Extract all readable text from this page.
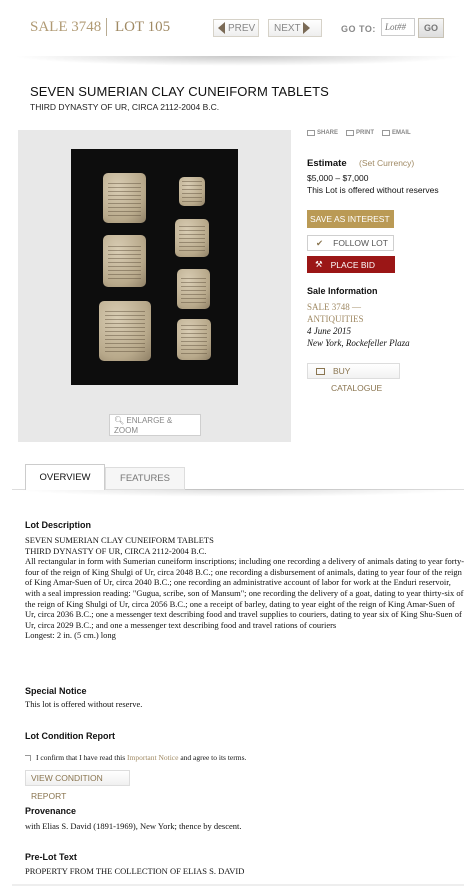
SALE 3748 LOT 105	PREV NEXT	GO TO:
Lot##	GO
SEVEN SUMERIAN CLAY CUNEIFORM TABLETS
THIRD DYNASTY OF UR, CIRCA 2112-2004 B.C.
🔍︎ ENLARGE & ZOOM
SHARE	PRINT	EMAIL
Estimate (Set Currency)
$5,000 – $7,000
This Lot is offered without reserves
SAVE AS INTEREST
✔ FOLLOW LOT
⚒ PLACE BID
Sale Information
SALE 3748 —
ANTIQUITIES
4 June 2015
New York, Rockefeller Plaza
BUY
CATALOGUE
OVERVIEW	FEATURES
Lot Description
SEVEN SUMERIAN CLAY CUNEIFORM TABLETS
THIRD DYNASTY OF UR, CIRCA 2112-2004 B.C.
All rectangular in form with Sumerian cuneiform inscriptions; including one recording a delivery of animals dating to year forty-four of the reign of King Shulgi of Ur, circa 2048 B.C.; one recording a disbursement of animals, dating to year four of the reign of King Amar-Suen of Ur, circa 2040 B.C.; one recording an administrative account of labor for work at the Enduri reservoir, with a seal impression reading: "Gugua, scribe, son of Mansum"; one recording the delivery of a goat, dating to year thirty-six of the reign of King Shulgi of Ur, circa 2056 B.C.; one a receipt of barley, dating to year eight of the reign of King Amar-Suen of Ur, circa 2036 B.C.; one a messenger text describing food and travel supplies to couriers, dating to year six of King Shu-Suen of Ur, circa 2029 B.C.; and one a messenger text describing food and travel rations of couriers
Longest: 2 in. (5 cm.) long
Special Notice
This lot is offered without reserve.
Lot Condition Report
I confirm that I have read this Important Notice and agree to its terms.
VIEW CONDITION
REPORT
Provenance
with Elias S. David (1891-1969), New York; thence by descent.
Pre-Lot Text
PROPERTY FROM THE COLLECTION OF ELIAS S. DAVID
